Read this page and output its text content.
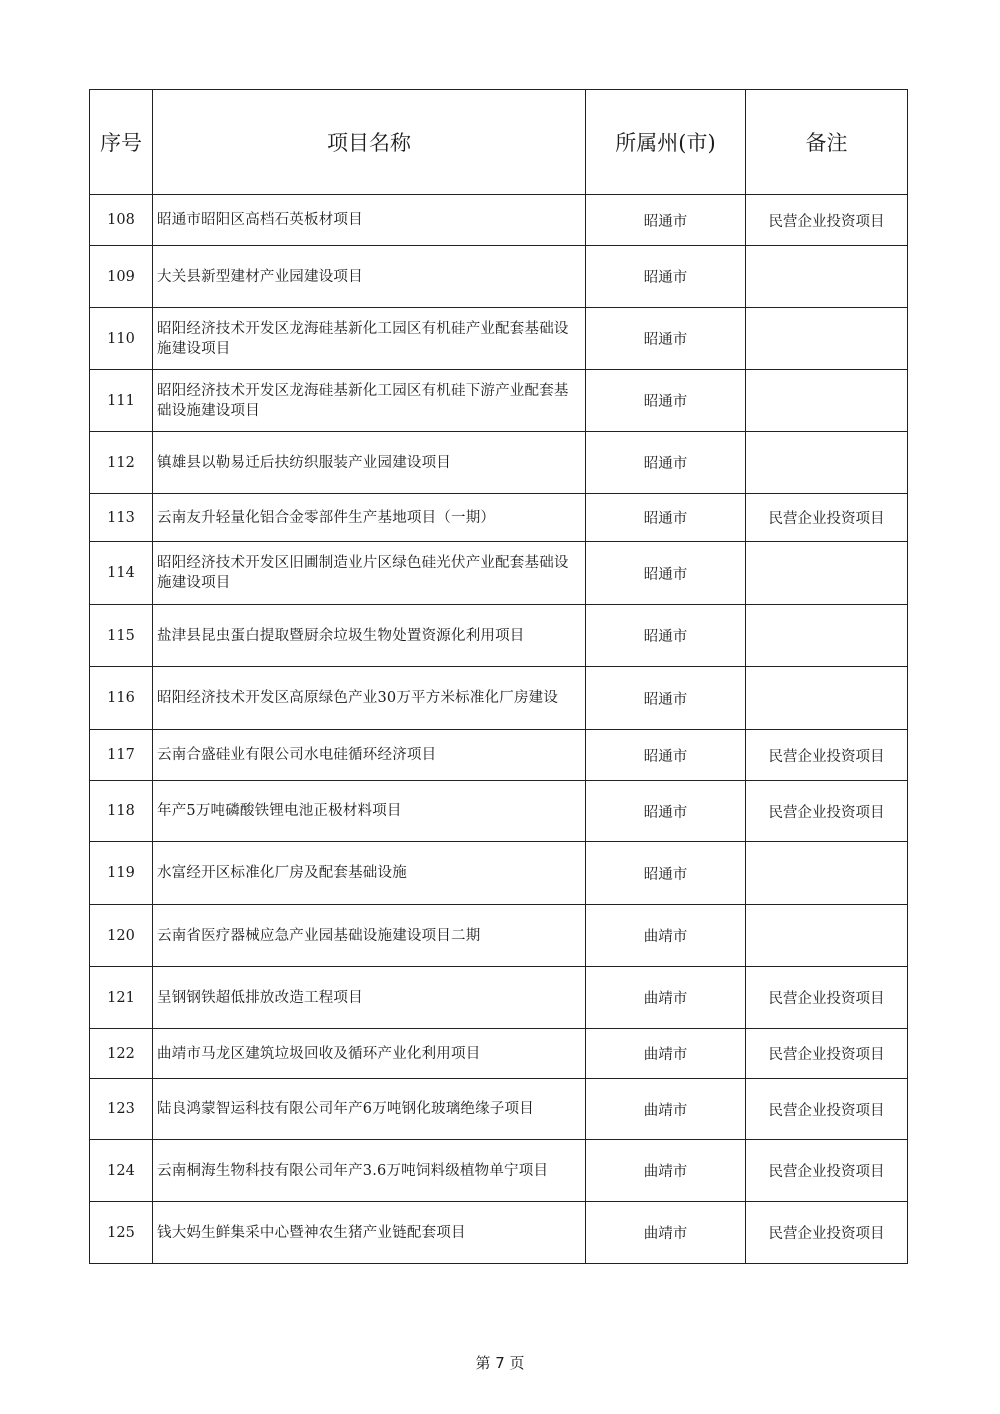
序号	项目名称	所属州(市)	备注
108	昭通市昭阳区高档石英板材项目	昭通市	民营企业投资项目
109	大关县新型建材产业园建设项目	昭通市	
110	昭阳经济技术开发区龙海硅基新化工园区有机硅产业配套基础设施建设项目	昭通市	
111	昭阳经济技术开发区龙海硅基新化工园区有机硅下游产业配套基础设施建设项目	昭通市	
112	镇雄县以勒易迁后扶纺织服装产业园建设项目	昭通市	
113	云南友升轻量化铝合金零部件生产基地项目（一期）	昭通市	民营企业投资项目
114	昭阳经济技术开发区旧圃制造业片区绿色硅光伏产业配套基础设施建设项目	昭通市	
115	盐津县昆虫蛋白提取暨厨余垃圾生物处置资源化利用项目	昭通市	
116	昭阳经济技术开发区高原绿色产业30万平方米标准化厂房建设	昭通市	
117	云南合盛硅业有限公司水电硅循环经济项目	昭通市	民营企业投资项目
118	年产5万吨磷酸铁锂电池正极材料项目	昭通市	民营企业投资项目
119	水富经开区标准化厂房及配套基础设施	昭通市	
120	云南省医疗器械应急产业园基础设施建设项目二期	曲靖市	
121	呈钢钢铁超低排放改造工程项目	曲靖市	民营企业投资项目
122	曲靖市马龙区建筑垃圾回收及循环产业化利用项目	曲靖市	民营企业投资项目
123	陆良鸿蒙智运科技有限公司年产6万吨钢化玻璃绝缘子项目	曲靖市	民营企业投资项目
124	云南桐海生物科技有限公司年产3.6万吨饲料级植物单宁项目	曲靖市	民营企业投资项目
125	钱大妈生鲜集采中心暨神农生猪产业链配套项目	曲靖市	民营企业投资项目
第 7 页
